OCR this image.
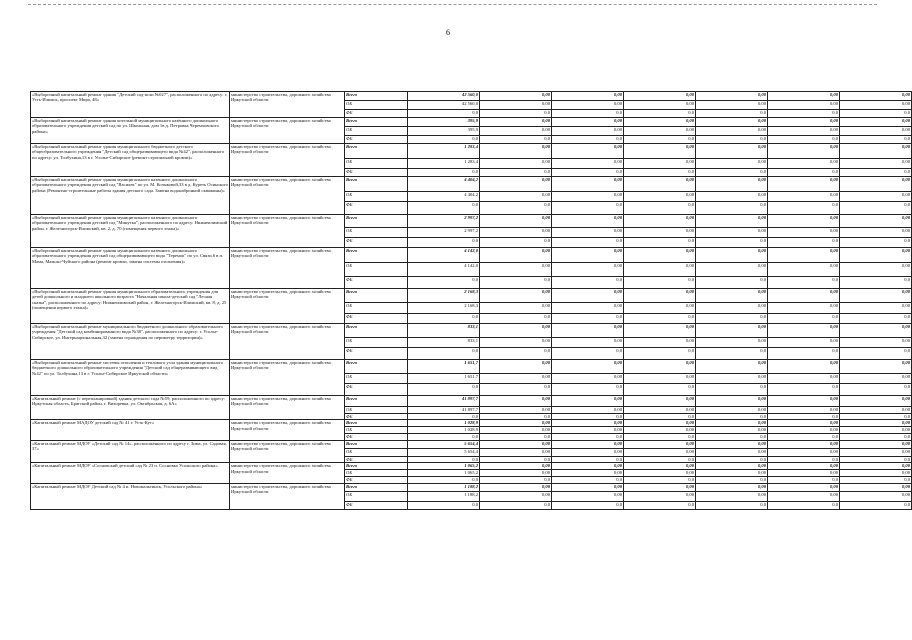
6
«Выборочный капитальный ремонт здания "Детский сад-ясли №027", расположенного по адресу: г. Усть-Илимск, проспект Мира, 48»	министерство строительства, дорожного хозяйства Иркутской области	Всего	42 560,0	0,00	0,00	0,00	0,00	0,00	0,00
		ОБ	42 560,0	0,00	0,00	0,00	0,00	0,00	0,00
		ФБ	0,0	0,0	0,0	0,0	0,0	0,0	0,0
«Выборочный капитальный ремонт здания котельной муниципального казённого дошкольного образовательного учреждения детский сад по ул. Школьная, дом 1в д. Петровка Черемховского района»	министерство строительства, дорожного хозяйства Иркутской области	Всего	395,9	0,00	0,00	0,00	0,00	0,00	0,00
		ОБ	395,9	0,00	0,00	0,00	0,00	0,00	0,00
		ФБ	0,0	0,0	0,0	0,0	0,0	0,0	0,0
«Выборочный капитальный ремонт здания муниципального бюджетного детского общеобразовательного учреждения "Детский сад общеразвивающего вида №42", расположенного по адресу: ул. Толбухина,13 в г. Усолье-Сибирское (ремонт стропильной кровли)»	министерство строительства, дорожного хозяйства Иркутской области	Всего	1 283,4	0,00	0,00	0,00	0,00	0,00	0,00
		ОБ	1 283,4	0,00	0,00	0,00	0,00	0,00	0,00
		ФБ	0,0	0,0	0,0	0,0	0,0	0,0	0,0
«Выборочный капитальный ремонт здания муниципального казенного дошкольного образовательного учреждения детский сад "Василек" по ул. М. Козыковой,33 в д. Куреть Осинского района (Ремонтно-строительные работы здания детского сада. Замена водонабронной скважины)»	министерство строительства, дорожного хозяйства Иркутской области	Всего	4 404,2	0,00	0,00	0,00	0,00	0,00	0,00
		ОБ	4 404,2	0,00	0,00	0,00	0,00	0,00	0,00
		ФБ	0,0	0,0	0,0	0,0	0,0	0,0	0,0
«Выборочный капитальный ремонт здания муниципального казенного дошкольного образовательного учреждения детский сад "Минутка", расположенного по адресу: Нижнеилимский район, г. Железногорск-Илимский, кв. 2, д. 70 (помещения первого этажа)»	министерство строительства, дорожного хозяйства Иркутской области	Всего	2 997,2	0,00	0,00	0,00	0,00	0,00	0,00
		ОБ	2 997,2	0,00	0,00	0,00	0,00	0,00	0,00
		ФБ	0,0	0,0	0,0	0,0	0,0	0,0	0,0
«Выборочный капитальный ремонт здания муниципального казенного дошкольного образовательного учреждения детский сад общеразвивающего вида "Теремок" по ул. Связи,6 в п. Мама, Мамско-Чуйского района (ремонт кровли, замена системы отопления)»	министерство строительства, дорожного хозяйства Иркутской области	Всего	4 142,0	0,00	0,00	0,00	0,00	0,00	0,00
		ОБ	4 142,0	0,00	0,00	0,00	0,00	0,00	0,00
		ФБ	0,0	0,0	0,0	0,0	0,0	0,0	0,0
«Выборочный капитальный ремонт здания муниципального образовательного учреждения для детей дошкольного и младшего школьного возраста "Начальная школа-детский сад "Лесная сказка", расположенного по адресу: Нижнеилимский район, г. Железногорск-Илимский, кв. 8, д. 25 (помещения первого этажа)»	министерство строительства, дорожного хозяйства Иркутской области	Всего	2 168,3	0,00	0,00	0,00	0,00	0,00	0,00
		ОБ	2 168,3	0,00	0,00	0,00	0,00	0,00	0,00
		ФБ	0,0	0,0	0,0	0,0	0,0	0,0	0,0
«Выборочный капитальный ремонт муниципального бюджетного дошкольного образовательного учреждения "Детский сад комбинированного вида №38", расположенного по адресу: г. Усолье-Сибирское, ул. Интернациональная,32 (замена ограждения по периметру территории)»	министерство строительства, дорожного хозяйства Иркутской области	Всего	833,1	0,00	0,00	0,00	0,00	0,00	0,00
		ОБ	833,1	0,00	0,00	0,00	0,00	0,00	0,00
		ФБ	0,0	0,0	0,0	0,0	0,0	0,0	0,0
«Выборочный капитальный ремонт системы отопления и теплового узла здания муниципального бюджетного дошкольного образовательного учреждения "Детский сад общеразвивающего вид №42" по ул. Толбухина,13 в г. Усолье-Сибирское Иркутской области»	министерство строительства, дорожного хозяйства Иркутской области	Всего	1 651,7	0,00	0,00	0,00	0,00	0,00	0,00
		ОБ	1 651,7	0,00	0,00	0,00	0,00	0,00	0,00
		ФБ	0,0	0,0	0,0	0,0	0,0	0,0	0,0
«Капитальный ремонт (с перепланировкой) здания детского сада №59, расположенного по адресу: Иркутская область, Братский район, г. Вихоревка, ул. Октябрьская, д. 6А»	министерство строительства, дорожного хозяйства Иркутской области	Всего	41 897,7	0,00	0,00	0,00	0,00	0,00	0,00
		ОБ	41 897,7	0,00	0,00	0,00	0,00	0,00	0,00
		ФБ	0,0	0,0	0,0	0,0	0,0	0,0	0,0
«Капитальный ремонт МАДОУ детский сад № 41 г. Усть-Кут»	министерство строительства, дорожного хозяйства Иркутской области	Всего	1 028,9	0,00	0,00	0,00	0,00	0,00	0,00
		ОБ	1 028,9	0,00	0,00	0,00	0,00	0,00	0,00
		ФБ	0,0	0,0	0,0	0,0	0,0	0,0	0,0
«Капитальный ремонт МДОУ «Детский сад № 14», расположенного по адресу г. Зима, ул. Садовая, 37»	министерство строительства, дорожного хозяйства Иркутской области	Всего	5 654,4	0,00	0,00	0,00	0,00	0,00	0,00
		ОБ	5 654,4	0,00	0,00	0,00	0,00	0,00	0,00
		ФБ	0,0	0,0	0,0	0,0	0,0	0,0	0,0
«Капитальный ремонт МДОУ «Сосновский детский сад № 23 п. Сосновка Усольского района»	министерство строительства, дорожного хозяйства Иркутской области	Всего	1 065,2	0,00	0,00	0,00	0,00	0,00	0,00
		ОБ	1 065,2	0,00	0,00	0,00	0,00	0,00	0,00
		ФБ	0,0	0,0	0,0	0,0	0,0	0,0	0,0
«Капитальный ремонт МДОУ Детский сад № 4 п. Новомальтинск, Усольского района»	министерство строительства, дорожного хозяйства Иркутской области	Всего	1 188,2	0,00	0,00	0,00	0,00	0,00	0,00
		ОБ	1 188,2	0,00	0,00	0,00	0,00	0,00	0,00
		ФБ	0,0	0,0	0,0	0,0	0,0	0,0	0,0
